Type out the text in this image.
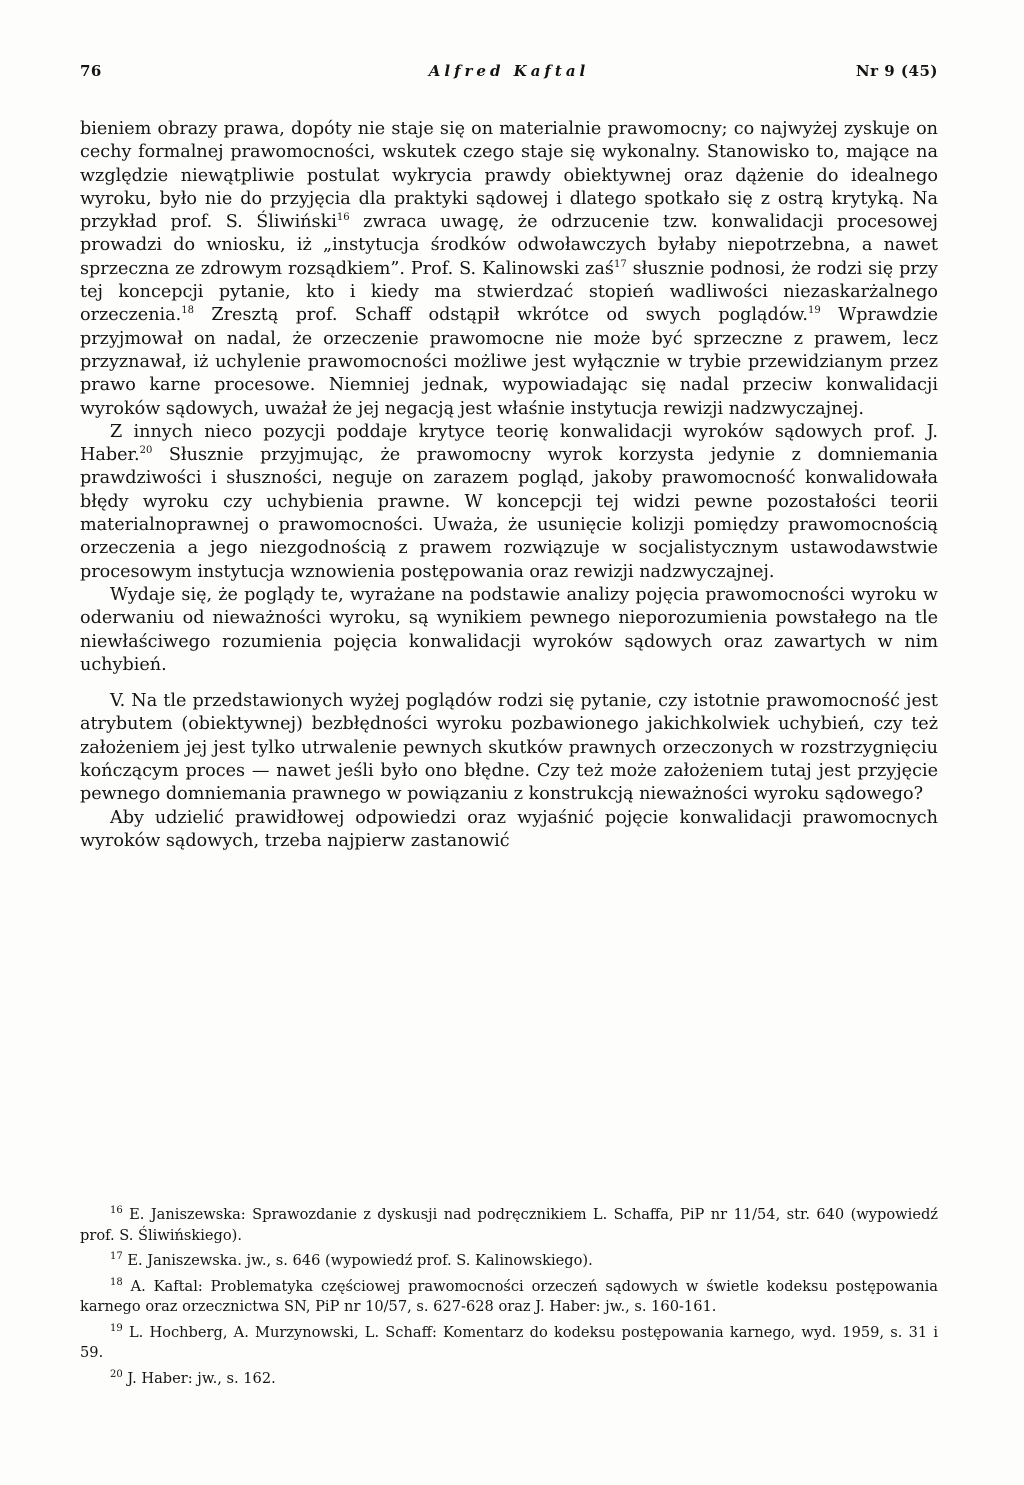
76	Alfred Kaftal	Nr 9 (45)

bieniem obrazy prawa, dopóty nie staje się on materialnie prawomocny; co najwyżej zyskuje on cechy formalnej prawomocności, wskutek czego staje się wykonalny. Stanowisko to, mające na względzie niewątpliwie postulat wykrycia prawdy obiektywnej oraz dążenie do idealnego wyroku, było nie do przyjęcia dla praktyki sądowej i dlatego spotkało się z ostrą krytyką. Na przykład prof. S. Śliwiński$^{16}$ zwraca uwagę, że odrzucenie tzw. konwalidacji procesowej prowadzi do wniosku, iż „instytucja środków odwoławczych byłaby niepotrzebna, a nawet sprzeczna ze zdrowym rozsądkiem”. Prof. S. Kalinowski zaś$^{17}$ słusznie podnosi, że rodzi się przy tej koncepcji pytanie, kto i kiedy ma stwierdzać stopień wadliwości niezaskarżalnego orzeczenia.$^{18}$ Zresztą prof. Schaff odstąpił wkrótce od swych poglądów.$^{19}$ Wprawdzie przyjmował on nadal, że orzeczenie prawomocne nie może być sprzeczne z prawem, lecz przyznawał, iż uchylenie prawomocności możliwe jest wyłącznie w trybie przewidzianym przez prawo karne procesowe. Niemniej jednak, wypowiadając się nadal przeciw konwalidacji wyroków sądowych, uważał że jej negacją jest właśnie instytucja rewizji nadzwyczajnej.

Z innych nieco pozycji poddaje krytyce teorię konwalidacji wyroków sądowych prof. J. Haber.$^{20}$ Słusznie przyjmując, że prawomocny wyrok korzysta jedynie z domniemania prawdziwości i słuszności, neguje on zarazem pogląd, jakoby prawomocność konwalidowała błędy wyroku czy uchybienia prawne. W koncepcji tej widzi pewne pozostałości teorii materialnoprawnej o prawomocności. Uważa, że usunięcie kolizji pomiędzy prawomocnością orzeczenia a jego niezgodnością z prawem rozwiązuje w socjalistycznym ustawodawstwie procesowym instytucja wznowienia postępowania oraz rewizji nadzwyczajnej.

Wydaje się, że poglądy te, wyrażane na podstawie analizy pojęcia prawomocności wyroku w oderwaniu od nieważności wyroku, są wynikiem pewnego nieporozumienia powstałego na tle niewłaściwego rozumienia pojęcia konwalidacji wyroków sądowych oraz zawartych w nim uchybień.

V. Na tle przedstawionych wyżej poglądów rodzi się pytanie, czy istotnie prawomocność jest atrybutem (obiektywnej) bezbłędności wyroku pozbawionego jakichkolwiek uchybień, czy też założeniem jej jest tylko utrwalenie pewnych skutków prawnych orzeczonych w rozstrzygnięciu kończącym proces — nawet jeśli było ono błędne. Czy też może założeniem tutaj jest przyjęcie pewnego domniemania prawnego w powiązaniu z konstrukcją nieważności wyroku sądowego?

Aby udzielić prawidłowej odpowiedzi oraz wyjaśnić pojęcie konwalidacji prawomocnych wyroków sądowych, trzeba najpierw zastanowić

$^{16}$ E. Janiszewska: Sprawozdanie z dyskusji nad podręcznikiem L. Schaffa, PiP nr 11/54, str. 640 (wypowiedź prof. S. Śliwińskiego).

$^{17}$ E. Janiszewska. jw., s. 646 (wypowiedź prof. S. Kalinowskiego).

$^{18}$ A. Kaftal: Problematyka częściowej prawomocności orzeczeń sądowych w świetle kodeksu postępowania karnego oraz orzecznictwa SN, PiP nr 10/57, s. 627-628 oraz J. Haber: jw., s. 160-161.

$^{19}$ L. Hochberg, A. Murzynowski, L. Schaff: Komentarz do kodeksu postępowania karnego, wyd. 1959, s. 31 i 59.

$^{20}$ J. Haber: jw., s. 162.
